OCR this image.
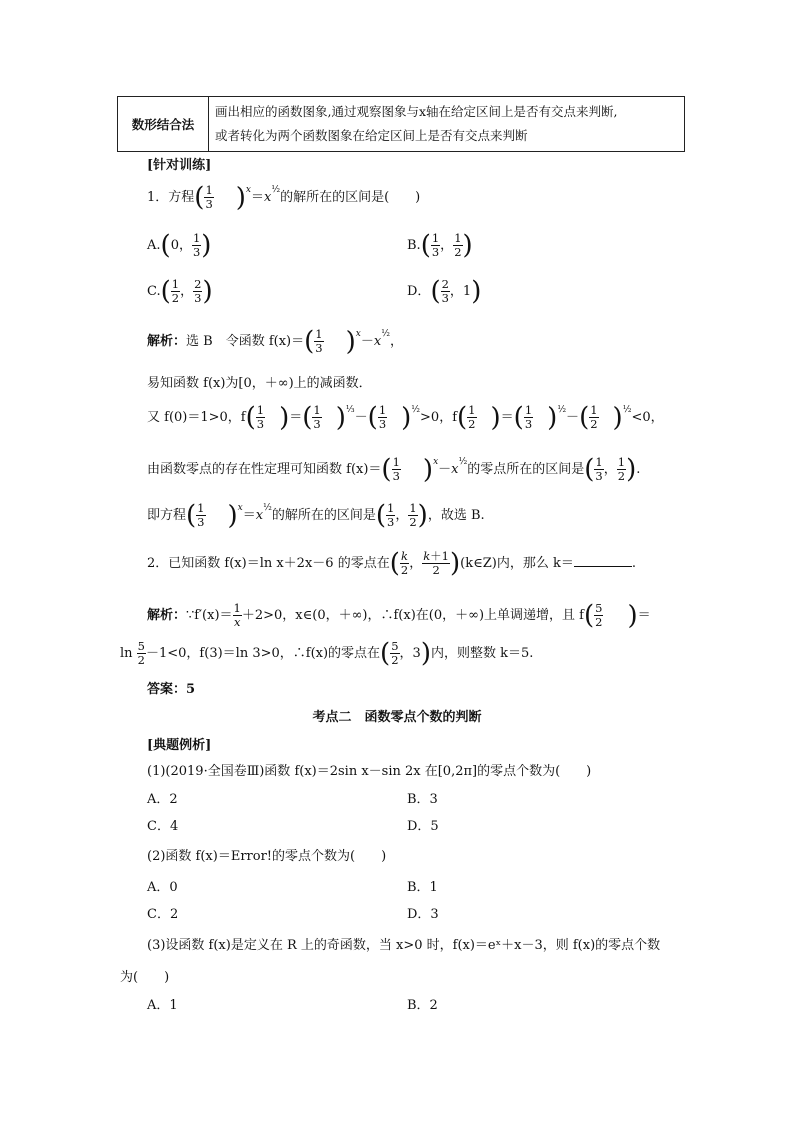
数形结合法	画出相应的函数图象,通过观察图象与x轴在给定区间上是否有交点来判断,
或者转化为两个函数图象在给定区间上是否有交点来判断
[针对训练]
1．方程( $\frac{1}{3} )^x=x^{\frac{1}{2}}$的解所在的区间是(　　)
A.(0， $\frac{1}{3}$ )	$B.( \frac{1}{3}$ ， $\frac{1}{2}$ )
$C.( \frac{1}{2}$ ， $\frac{2}{3}$ )	D．( $\frac{2}{3}$ ，1)
解析：选 B　令函数 $f(x)=( \frac{1}{3} )^x-x^{\frac{1}{2}}$，
易知函数 f(x)为[0，＋∞)上的减函数．
又 f(0)＝1>0，$f( \frac{1}{3}$ )＝( $\frac{1}{3} )^{\frac{1}{3}}-( \frac{1}{3} )^{\frac{1}{2}}>0$，$f( \frac{1}{2}$ )＝( $\frac{1}{3} )^{\frac{1}{2}}-( \frac{1}{2} )^{\frac{1}{2}}<0$，
由函数零点的存在性定理可知函数 $f(x)=( \frac{1}{3} )^x-x^{\frac{1}{2}}$的零点所在的区间是( $\frac{1}{3}$ ， $\frac{1}{2}$ ).
即方程( $\frac{1}{3} )^x=x^{\frac{1}{2}}$的解所在的区间是( $\frac{1}{3}$ ， $\frac{1}{2}$ )，故选 B.
2．已知函数 f(x)＝ln x＋2x－6 的零点在( $\frac{k}{2}$ ， $\frac{k+1}{2}$ )(k∈Z)内，那么 k＝	.
解析：∵f′(x)＝ $\frac{1}{x} +2>0$，x∈(0，＋∞)，∴f(x)在(0，＋∞)上单调递增，且 $f( \frac{5}{2}$ )＝
$\ln \frac{5}{2} -1<0$，f(3)＝ln 3>0，∴f(x)的零点在( $\frac{5}{2}$ ，3)内，则整数 k＝5.
答案：5
考点二　函数零点个数的判断
[典题例析]
(1)(2019·全国卷Ⅲ)函数 f(x)＝2sin x－sin 2x 在[0,2π]的零点个数为(　　)
A．2	B．3
C．4	D．5
(2)函数 f(x)＝Error!的零点个数为(　　)
A．0	B．1
C．2	D．3
(3)设函数 f(x)是定义在 R 上的奇函数，当 x>0 时，f(x)＝eˣ＋x－3，则 f(x)的零点个数
为(　　)
A．1	B．2
